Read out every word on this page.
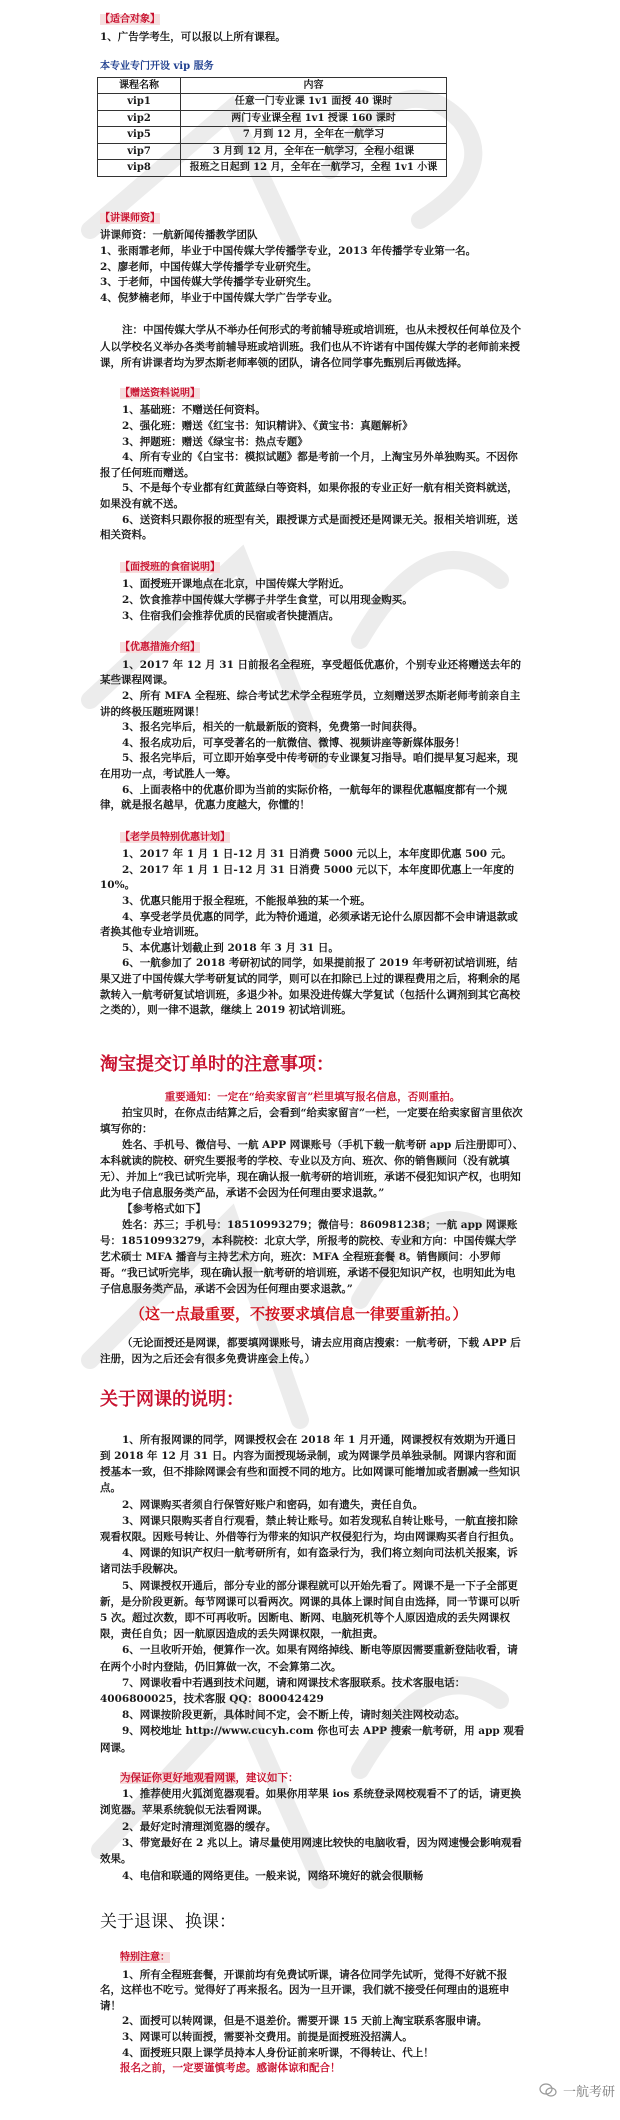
【适合对象】

1、广告学考生，可以报以上所有课程。

本专业专门开设 vip 服务
课程名称	内容
vip1	任意一门专业课 1v1 面授 40 课时
vip2	两门专业课全程 1v1 授课 160 课时
vip5	7 月到 12 月，全年在一航学习
vip7	3 月到 12 月，全年在一航学习，全程小组课
vip8	报班之日起到 12 月，全年在一航学习，全程 1v1 小课

【讲课师资】

讲课师资：一航新闻传播教学团队

1、张雨霏老师，毕业于中国传媒大学传播学专业，2013 年传播学专业第一名。

2、廖老师，中国传媒大学传播学专业研究生。

3、于老师，中国传媒大学传播学专业研究生。

4、倪梦楠老师，毕业于中国传媒大学广告学专业。

注：中国传媒大学从不举办任何形式的考前辅导班或培训班，也从未授权任何单位及个人以学校名义举办各类考前辅导班或培训班。我们也从不许诺有中国传媒大学的老师前来授课，所有讲课者均为罗杰斯老师率领的团队，请各位同学事先甄别后再做选择。

【赠送资料说明】

1、基础班：不赠送任何资料。

2、强化班：赠送《红宝书：知识精讲》、《黄宝书：真题解析》

3、押题班：赠送《绿宝书：热点专题》

4、所有专业的《白宝书：模拟试题》都是考前一个月，上淘宝另外单独购买。不因你报了任何班而赠送。

5、不是每个专业都有红黄蓝绿白等资料，如果你报的专业正好一航有相关资料就送，如果没有就不送。

6、送资料只跟你报的班型有关，跟授课方式是面授还是网课无关。报相关培训班，送相关资料。

【面授班的食宿说明】

1、面授班开课地点在北京，中国传媒大学附近。

2、饮食推荐中国传媒大学梆子井学生食堂，可以用现金购买。

3、住宿我们会推荐优质的民宿或者快捷酒店。

【优惠措施介绍】

1、2017 年 12 月 31 日前报名全程班，享受超低优惠价，个别专业还将赠送去年的某些课程网课。

2、所有 MFA 全程班、综合考试艺术学全程班学员，立刻赠送罗杰斯老师考前亲自主讲的终极压题班网课！

3、报名完毕后，相关的一航最新版的资料，免费第一时间获得。

4、报名成功后，可享受著名的一航微信、微博、视频讲座等新媒体服务！

5、报名完毕后，可立即开始享受中传考研的专业课复习指导。咱们提早复习起来，现在用功一点，考试胜人一筹。

6、上面表格中的优惠价即为当前的实际价格，一航每年的课程优惠幅度都有一个规律，就是报名越早，优惠力度越大，你懂的！

【老学员特别优惠计划】

1、2017 年 1 月 1 日-12 月 31 日消费 5000 元以上，本年度即优惠 500 元。

2、2017 年 1 月 1 日-12 月 31 日消费 5000 元以下，本年度即优惠上一年度的 10%。

3、优惠只能用于报全程班，不能报单独的某一个班。

4、享受老学员优惠的同学，此为特价通道，必须承诺无论什么原因都不会申请退款或者换其他专业培训班。

5、本优惠计划截止到 2018 年 3 月 31 日。

6、一航参加了 2018 考研初试的同学，如果提前报了 2019 年考研初试培训班，结果又进了中国传媒大学考研复试的同学，则可以在扣除已上过的课程费用之后，将剩余的尾款转入一航考研复试培训班，多退少补。如果没进传媒大学复试（包括什么调剂到其它高校之类的），则一律不退款，继续上 2019 初试培训班。

淘宝提交订单时的注意事项：

重要通知：一定在“给卖家留言”栏里填写报名信息，否则重拍。

拍宝贝时，在你点击结算之后，会看到“给卖家留言”一栏，一定要在给卖家留言里依次填写你的：

姓名、手机号、微信号、一航 APP 网课账号（手机下载一航考研 app 后注册即可）、本科就读的院校、研究生要报考的学校、专业以及方向、班次、你的销售顾问（没有就填无）、并加上“我已试听完毕，现在确认报一航考研的培训班，承诺不侵犯知识产权，也明知此为电子信息服务类产品，承诺不会因为任何理由要求退款。”

【参考格式如下】

姓名：苏三；手机号：18510993279；微信号：860981238；一航 app 网课账号：18510993279，本科院校：北京大学，所报考的院校、专业和方向：中国传媒大学艺术硕士 MFA 播音与主持艺术方向，班次：MFA 全程班套餐 8。销售顾问：小罗师哥。“我已试听完毕，现在确认报一航考研的培训班，承诺不侵犯知识产权，也明知此为电子信息服务类产品，承诺不会因为任何理由要求退款。”

（这一点最重要，不按要求填信息一律要重新拍。）

（无论面授还是网课，都要填网课账号，请去应用商店搜索：一航考研，下载 APP 后注册，因为之后还会有很多免费讲座会上传。）

关于网课的说明：

1、所有报网课的同学，网课授权会在 2018 年 1 月开通，网课授权有效期为开通日到 2018 年 12 月 31 日。内容为面授现场录制，或为网课学员单独录制。网课内容和面授基本一致，但不排除网课会有些和面授不同的地方。比如网课可能增加或者删减一些知识点。

2、网课购买者须自行保管好账户和密码，如有遗失，责任自负。

3、网课只限购买者自行观看，禁止转让账号。如若发现私自转让账号，一航直接扣除观看权限。因账号转让、外借等行为带来的知识产权侵犯行为，均由网课购买者自行担负。

4、网课的知识产权归一航考研所有，如有盗录行为，我们将立刻向司法机关报案，诉诸司法手段解决。

5、网课授权开通后，部分专业的部分课程就可以开始先看了。网课不是一下子全部更新，是分阶段更新。每节网课可以看两次。网课的具体上课时间自由选择，同一节课可以听 5 次。超过次数，即不可再收听。因断电、断网、电脑死机等个人原因造成的丢失网课权限，责任自负；因一航原因造成的丢失网课权限，一航担责。

6、一旦收听开始，便算作一次。如果有网络掉线、断电等原因需要重新登陆收看，请在两个小时内登陆，仍旧算做一次，不会算第二次。

7、网课收看中若遇到技术问题，请和网课技术客服联系。技术客服电话：4006800025，技术客服 QQ：800042429

8、网课按阶段更新，具体时间不定，会不断上传，请时刻关注网校动态。

9、网校地址 http://www.cucyh.com 你也可去 APP 搜索一航考研，用 app 观看网课。

为保证你更好地观看网课，建议如下：

1、推荐使用火狐浏览器观看。如果你用苹果 ios 系统登录网校观看不了的话，请更换浏览器。苹果系统貌似无法看网课。

2、最好定时清理浏览器的缓存。

3、带宽最好在 2 兆以上。请尽量使用网速比较快的电脑收看，因为网速慢会影响观看效果。

4、电信和联通的网络更佳。一般来说，网络环境好的就会很顺畅

关于退课、换课：

特别注意：

1、所有全程班套餐，开课前均有免费试听课，请各位同学先试听，觉得不好就不报名，这样也不吃亏。觉得好了再来报名。因为一旦开课，我们就不接受任何理由的退班申请！

2、面授可以转网课，但是不退差价。需要开课 15 天前上淘宝联系客服申请。

3、网课可以转面授，需要补交费用。前提是面授班没招满人。

4、面授班只限上课学员持本人身份证前来听课，不得转让、代上！

报名之前，一定要谨慎考虑。感谢体谅和配合！

一航考研
